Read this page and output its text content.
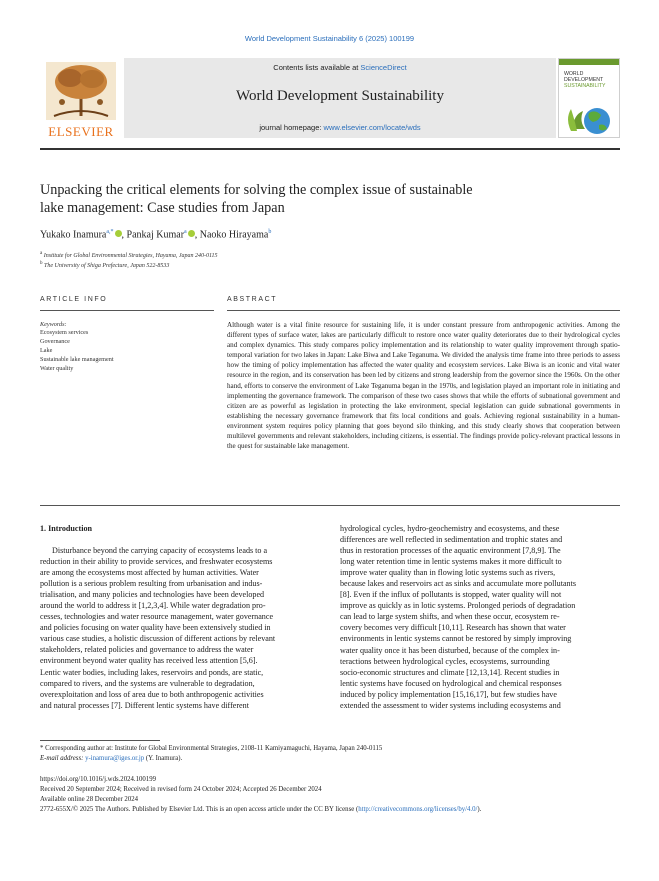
World Development Sustainability 6 (2025) 100199
ELSEVIER
Contents lists available at ScienceDirect
World Development Sustainability
journal homepage: www.elsevier.com/locate/wds
WORLD
DEVELOPMENT
SUSTAINABILITY
Unpacking the critical elements for solving the complex issue of sustainable
lake management: Case studies from Japan
Yukako Inamura$^{a,*}$ , Pankaj Kumar$^a$ , Naoko Hirayama$^b$
$^a$ Institute for Global Environmental Strategies, Hayama, Japan 240-0115
$^b$ The University of Shiga Prefecture, Japan 522-8533
ARTICLE INFO	ABSTRACT
Keywords:
Ecosystem services
Governance
Lake
Sustainable lake management
Water quality
Although water is a vital finite resource for sustaining life, it is under constant pressure from anthropogenic activities. Among the different types of surface water, lakes are particularly difficult to restore once water quality deteriorates due to their hydrological cycles and complex dynamics. This study compares policy implementation and its relationship to water quality improvement through spatio-temporal variation for two lakes in Japan: Lake Biwa and Lake Teganuma. We divided the analysis time frame into three periods to assess how the timing of policy implementation has affected the water quality and ecosystem services. Lake Biwa is an iconic and vital water resource in the region, and its conservation has been led by citizens and strong leadership from the governor since the 1960s. On the other hand, efforts to conserve the environment of Lake Teganuma began in the 1970s, and legislation played an important role in initiating and implementing the governance framework. The comparison of these two cases shows that while the efforts of subnational government and citizen are as powerful as legislation in protecting the lake environment, special legislation can guide subnational governments in establishing the necessary governance framework that fits local conditions and goals. Achieving regional sustainability in a human-environment system requires policy planning that goes beyond silo thinking, and this study clearly shows that cooperation between multilevel governments and relevant stakeholders, including citizens, is essential. The findings provide policy-relevant practical lessons in the quest for sustainable lake management.
1. Introduction
Disturbance beyond the carrying capacity of ecosystems leads to a
reduction in their ability to provide services, and freshwater ecosystems
are among the ecosystems most affected by human activities. Water
pollution is a serious problem resulting from urbanisation and indus-
trialisation, and many policies and technologies have been developed
around the world to address it [1,2,3,4]. While water degradation pro-
cesses, technologies and water resource management, water governance
and policies focusing on water quality have been extensively studied in
various case studies, a holistic discussion of different actions by relevant
stakeholders, related policies and governance to address the water
environment beyond water quality has received less attention [5,6].
Lentic water bodies, including lakes, reservoirs and ponds, are static,
compared to rivers, and the systems are vulnerable to degradation,
overexploitation and loss of area due to both anthropogenic activities
and natural processes [7]. Different lentic systems have different
hydrological cycles, hydro-geochemistry and ecosystems, and these
differences are well reflected in sedimentation and trophic states and
thus in restoration processes of the aquatic environment [7,8,9]. The
long water retention time in lentic systems makes it more difficult to
improve water quality than in flowing lotic systems such as rivers,
because lakes and reservoirs act as sinks and accumulate more pollutants
[8]. Even if the influx of pollutants is stopped, water quality will not
improve as quickly as in lotic systems. Prolonged periods of degradation
can lead to large system shifts, and when these occur, ecosystem re-
covery becomes very difficult [10,11]. Research has shown that water
environments in lentic systems cannot be restored by simply improving
water quality once it has been disturbed, because of the complex in-
teractions between hydrological cycles, ecosystems, surrounding
socio-economic structures and climate [12,13,14]. Recent studies in
lentic systems have focused on hydrological and chemical responses
induced by policy implementation [15,16,17], but few studies have
extended the assessment to wider systems including ecosystems and
* Corresponding author at: Institute for Global Environmental Strategies, 2108-11 Kamiyamaguchi, Hayama, Japan 240-0115
E-mail address: y-inamura@iges.or.jp (Y. Inamura).
https://doi.org/10.1016/j.wds.2024.100199
Received 20 September 2024; Received in revised form 24 October 2024; Accepted 26 December 2024
Available online 28 December 2024
2772-655X/© 2025 The Authors. Published by Elsevier Ltd. This is an open access article under the CC BY license (http://creativecommons.org/licenses/by/4.0/).
